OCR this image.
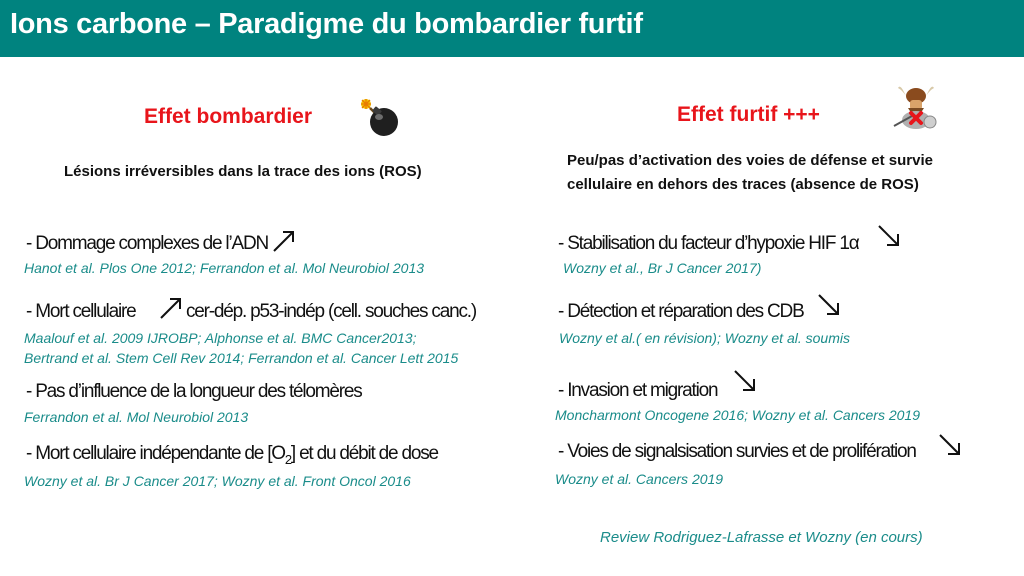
Ions carbone – Paradigme du bombardier furtif
Effet bombardier
Lésions irréversibles dans la trace des ions (ROS)
- Dommage complexes de l’ADN
Hanot et al. Plos One 2012; Ferrandon et al. Mol Neurobiol 2013
- Mort cellulaire	cer-dép. p53-indép (cell. souches canc.)
Maalouf et al. 2009 IJROBP; Alphonse et al. BMC Cancer2013;
Bertrand et al. Stem Cell Rev 2014; Ferrandon et al. Cancer Lett 2015
- Pas d’influence de la longueur des télomères
Ferrandon et al. Mol Neurobiol 2013
- Mort cellulaire indépendante de $[O_2]$ et du débit de dose
Wozny et al. Br J Cancer 2017; Wozny et al. Front Oncol 2016
Effet furtif +++
Peu/pas d’activation des voies de défense et survie
cellulaire en dehors des traces (absence de ROS)
- Stabilisation du facteur d’hypoxie HIF 1α
Wozny et al., Br J Cancer 2017)
- Détection et réparation des CDB
Wozny et al.( en révision); Wozny et al. soumis
- Invasion et migration
Moncharmont Oncogene 2016; Wozny et al. Cancers 2019
- Voies de signalsisation survies et de prolifération
Wozny et al. Cancers 2019
Review Rodriguez-Lafrasse et Wozny (en cours)
